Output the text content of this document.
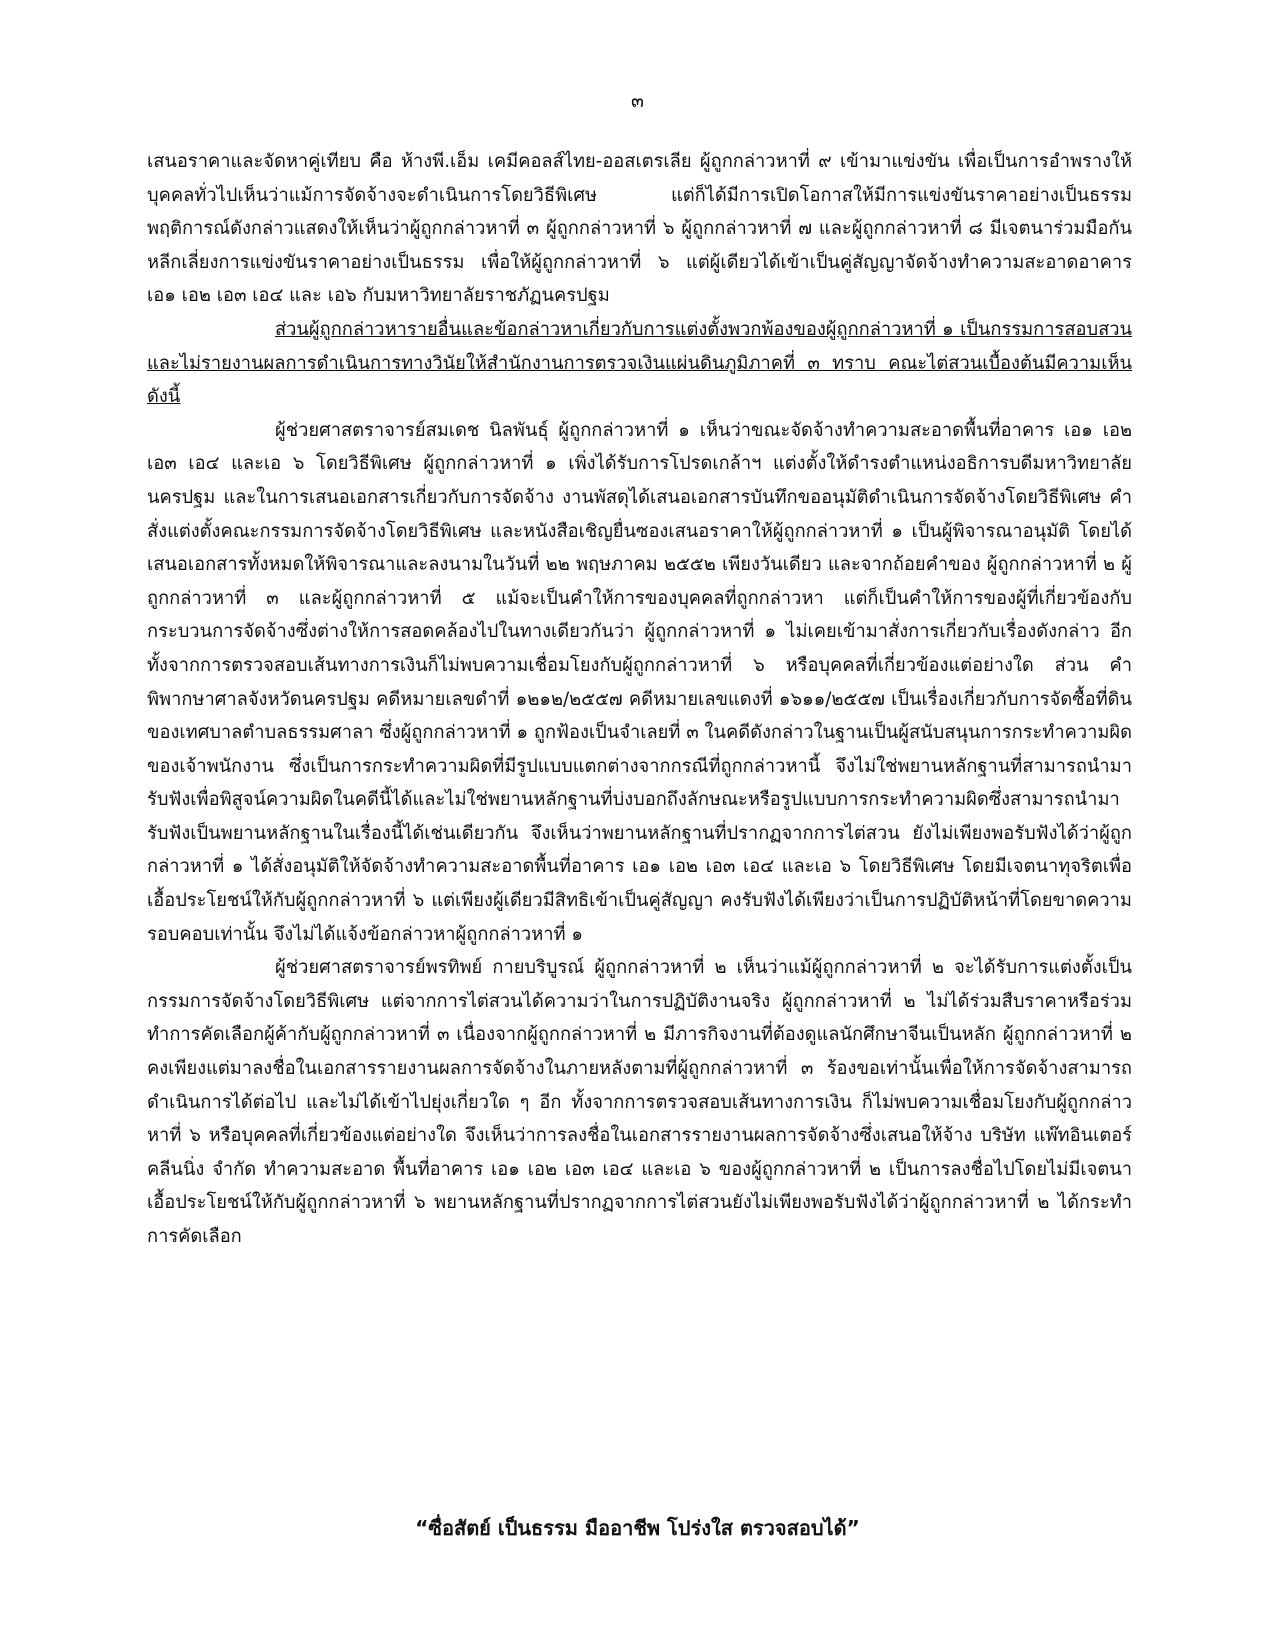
๓

เสนอราคาและจัดหาคู่เทียบ คือ ห้างพี.เอ็ม เคมีคอลส์ไทย-ออสเตรเลีย ผู้ถูกกล่าวหาที่ ๙ เข้ามาแข่งขัน เพื่อเป็นการอำพรางให้บุคคลทั่วไปเห็นว่าแม้การจัดจ้างจะดำเนินการโดยวิธีพิเศษ แต่ก็ได้มีการเปิดโอกาสให้มีการแข่งขันราคาอย่างเป็นธรรม พฤติการณ์ดังกล่าวแสดงให้เห็นว่าผู้ถูกกล่าวหาที่ ๓ ผู้ถูกกล่าวหาที่ ๖ ผู้ถูกกล่าวหาที่ ๗ และผู้ถูกกล่าวหาที่ ๘ มีเจตนาร่วมมือกันหลีกเลี่ยงการแข่งขันราคาอย่างเป็นธรรม เพื่อให้ผู้ถูกกล่าวหาที่ ๖ แต่ผู้เดียวได้เข้าเป็นคู่สัญญาจัดจ้างทำความสะอาดอาคาร เอ๑ เอ๒ เอ๓ เอ๔ และ เอ๖ กับมหาวิทยาลัยราชภัฏนครปฐม

ส่วนผู้ถูกกล่าวหารายอื่นและข้อกล่าวหาเกี่ยวกับการแต่งตั้งพวกพ้องของผู้ถูกกล่าวหาที่ ๑ เป็นกรรมการสอบสวน และไม่รายงานผลการดำเนินการทางวินัยให้สำนักงานการตรวจเงินแผ่นดินภูมิภาคที่ ๓ ทราบ คณะไต่สวนเบื้องต้นมีความเห็น ดังนี้

ผู้ช่วยศาสตราจารย์สมเดช นิลพันธุ์ ผู้ถูกกล่าวหาที่ ๑ เห็นว่าขณะจัดจ้างทำความสะอาดพื้นที่อาคาร เอ๑ เอ๒ เอ๓ เอ๔ และเอ ๖ โดยวิธีพิเศษ ผู้ถูกกล่าวหาที่ ๑ เพิ่งได้รับการโปรดเกล้าฯ แต่งตั้งให้ดำรงตำแหน่งอธิการบดีมหาวิทยาลัยนครปฐม และในการเสนอเอกสารเกี่ยวกับการจัดจ้าง งานพัสดุได้เสนอเอกสารบันทึกขออนุมัติดำเนินการจัดจ้างโดยวิธีพิเศษ คำสั่งแต่งตั้งคณะกรรมการจัดจ้างโดยวิธีพิเศษ และหนังสือเชิญยื่นซองเสนอราคาให้ผู้ถูกกล่าวหาที่ ๑ เป็นผู้พิจารณาอนุมัติ โดยได้เสนอเอกสารทั้งหมดให้พิจารณาและลงนามในวันที่ ๒๒ พฤษภาคม ๒๕๕๒ เพียงวันเดียว และจากถ้อยคำของ ผู้ถูกกล่าวหาที่ ๒ ผู้ถูกกล่าวหาที่ ๓ และผู้ถูกกล่าวหาที่ ๕ แม้จะเป็นคำให้การของบุคคลที่ถูกกล่าวหา แต่ก็เป็นคำให้การของผู้ที่เกี่ยวข้องกับกระบวนการจัดจ้างซึ่งต่างให้การสอดคล้องไปในทางเดียวกันว่า ผู้ถูกกล่าวหาที่ ๑ ไม่เคยเข้ามาสั่งการเกี่ยวกับเรื่องดังกล่าว อีกทั้งจากการตรวจสอบเส้นทางการเงินก็ไม่พบความเชื่อมโยงกับผู้ถูกกล่าวหาที่ ๖ หรือบุคคลที่เกี่ยวข้องแต่อย่างใด ส่วน คำพิพากษาศาลจังหวัดนครปฐม คดีหมายเลขดำที่ ๑๒๑๒/๒๕๕๗ คดีหมายเลขแดงที่ ๑๖๑๑/๒๕๕๗ เป็นเรื่องเกี่ยวกับการจัดซื้อที่ดินของเทศบาลตำบลธรรมศาลา ซึ่งผู้ถูกกล่าวหาที่ ๑ ถูกฟ้องเป็นจำเลยที่ ๓ ในคดีดังกล่าวในฐานเป็นผู้สนับสนุนการกระทำความผิดของเจ้าพนักงาน ซึ่งเป็นการกระทำความผิดที่มีรูปแบบแตกต่างจากกรณีที่ถูกกล่าวหานี้ จึงไม่ใช่พยานหลักฐานที่สามารถนำมารับฟังเพื่อพิสูจน์ความผิดในคดีนี้ได้และไม่ใช่พยานหลักฐานที่บ่งบอกถึงลักษณะหรือรูปแบบการกระทำความผิดซึ่งสามารถนำมารับฟังเป็นพยานหลักฐานในเรื่องนี้ได้เช่นเดียวกัน จึงเห็นว่าพยานหลักฐานที่ปรากฏจากการไต่สวน ยังไม่เพียงพอรับฟังได้ว่าผู้ถูกกล่าวหาที่ ๑ ได้สั่งอนุมัติให้จัดจ้างทำความสะอาดพื้นที่อาคาร เอ๑ เอ๒ เอ๓ เอ๔ และเอ ๖ โดยวิธีพิเศษ โดยมีเจตนาทุจริตเพื่อเอื้อประโยชน์ให้กับผู้ถูกกล่าวหาที่ ๖ แต่เพียงผู้เดียวมีสิทธิเข้าเป็นคู่สัญญา คงรับฟังได้เพียงว่าเป็นการปฏิบัติหน้าที่โดยขาดความรอบคอบเท่านั้น จึงไม่ได้แจ้งข้อกล่าวหาผู้ถูกกล่าวหาที่ ๑

ผู้ช่วยศาสตราจารย์พรทิพย์ กายบริบูรณ์ ผู้ถูกกล่าวหาที่ ๒ เห็นว่าแม้ผู้ถูกกล่าวหาที่ ๒ จะได้รับการแต่งตั้งเป็นกรรมการจัดจ้างโดยวิธีพิเศษ แต่จากการไต่สวนได้ความว่าในการปฏิบัติงานจริง ผู้ถูกกล่าวหาที่ ๒ ไม่ได้ร่วมสืบราคาหรือร่วมทำการคัดเลือกผู้ค้ากับผู้ถูกกล่าวหาที่ ๓ เนื่องจากผู้ถูกกล่าวหาที่ ๒ มีภารกิจงานที่ต้องดูแลนักศึกษาจีนเป็นหลัก ผู้ถูกกล่าวหาที่ ๒ คงเพียงแต่มาลงชื่อในเอกสารรายงานผลการจัดจ้างในภายหลังตามที่ผู้ถูกกล่าวหาที่ ๓ ร้องขอเท่านั้นเพื่อให้การจัดจ้างสามารถดำเนินการได้ต่อไป และไม่ได้เข้าไปยุ่งเกี่ยวใด ๆ อีก ทั้งจากการตรวจสอบเส้นทางการเงิน ก็ไม่พบความเชื่อมโยงกับผู้ถูกกล่าวหาที่ ๖ หรือบุคคลที่เกี่ยวข้องแต่อย่างใด จึงเห็นว่าการลงชื่อในเอกสารรายงานผลการจัดจ้างซึ่งเสนอให้จ้าง บริษัท แพ๊ทอินเตอร์ คลีนนิ่ง จำกัด ทำความสะอาด พื้นที่อาคาร เอ๑ เอ๒ เอ๓ เอ๔ และเอ ๖ ของผู้ถูกกล่าวหาที่ ๒ เป็นการลงชื่อไปโดยไม่มีเจตนาเอื้อประโยชน์ให้กับผู้ถูกกล่าวหาที่ ๖ พยานหลักฐานที่ปรากฏจากการไต่สวนยังไม่เพียงพอรับฟังได้ว่าผู้ถูกกล่าวหาที่ ๒ ได้กระทำการคัดเลือก

“ซื่อสัตย์ เป็นธรรม มืออาชีพ โปร่งใส ตรวจสอบได้”
